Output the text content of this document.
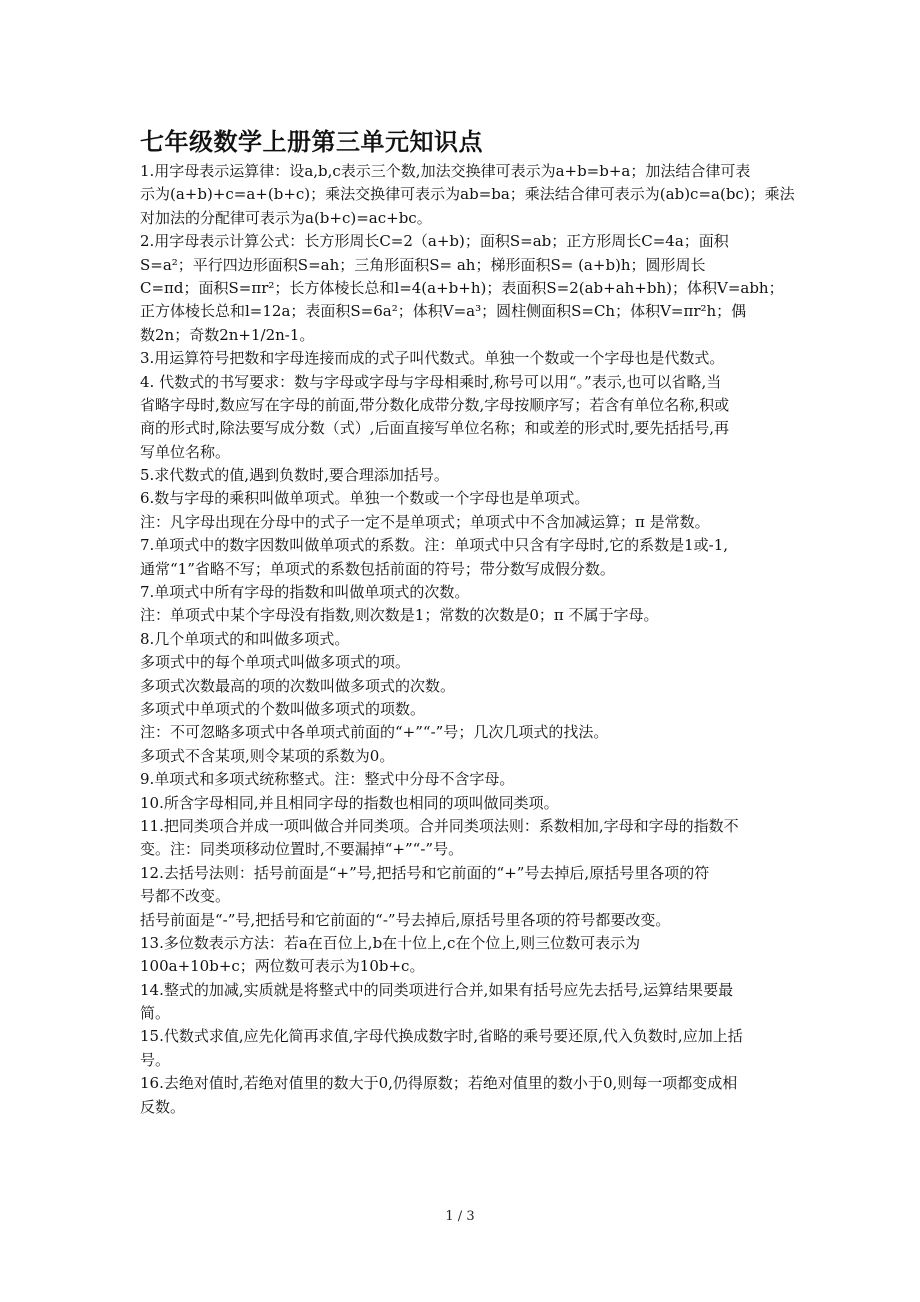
七年级数学上册第三单元知识点
1.用字母表示运算律：设a,b,c表示三个数,加法交换律可表示为a+b=b+a；加法结合律可表
示为(a+b)+c=a+(b+c)；乘法交换律可表示为ab=ba；乘法结合律可表示为(ab)c=a(bc)；乘法
对加法的分配律可表示为a(b+c)=ac+bc。
2.用字母表示计算公式：长方形周长C=2（a+b)；面积S=ab；正方形周长C=4a；面积
S=a²；平行四边形面积S=ah；三角形面积S= ah；梯形面积S= (a+b)h；圆形周长
C=πd；面积S=πr²；长方体棱长总和l=4(a+b+h)；表面积S=2(ab+ah+bh)；体积V=abh；
正方体棱长总和l=12a；表面积S=6a²；体积V=a³；圆柱侧面积S=Ch；体积V=πr²h；偶
数2n；奇数2n+1/2n-1。
3.用运算符号把数和字母连接而成的式子叫代数式。单独一个数或一个字母也是代数式。
4. 代数式的书写要求：数与字母或字母与字母相乘时,称号可以用“。”表示,也可以省略,当
省略字母时,数应写在字母的前面,带分数化成带分数,字母按顺序写；若含有单位名称,积或
商的形式时,除法要写成分数（式）,后面直接写单位名称；和或差的形式时,要先括括号,再
写单位名称。
5.求代数式的值,遇到负数时,要合理添加括号。
6.数与字母的乘积叫做单项式。单独一个数或一个字母也是单项式。
注：凡字母出现在分母中的式子一定不是单项式；单项式中不含加减运算；π 是常数。
7.单项式中的数字因数叫做单项式的系数。注：单项式中只含有字母时,它的系数是1或-1,
通常“1”省略不写；单项式的系数包括前面的符号；带分数写成假分数。
7.单项式中所有字母的指数和叫做单项式的次数。
注：单项式中某个字母没有指数,则次数是1；常数的次数是0；π 不属于字母。
8.几个单项式的和叫做多项式。
多项式中的每个单项式叫做多项式的项。
多项式次数最高的项的次数叫做多项式的次数。
多项式中单项式的个数叫做多项式的项数。
注：不可忽略多项式中各单项式前面的“+”“-”号；几次几项式的找法。
多项式不含某项,则令某项的系数为0。
9.单项式和多项式统称整式。注：整式中分母不含字母。
10.所含字母相同,并且相同字母的指数也相同的项叫做同类项。
11.把同类项合并成一项叫做合并同类项。合并同类项法则：系数相加,字母和字母的指数不
变。注：同类项移动位置时,不要漏掉“+”“-”号。
12.去括号法则：括号前面是“+”号,把括号和它前面的“+”号去掉后,原括号里各项的符
号都不改变。
括号前面是“-”号,把括号和它前面的“-”号去掉后,原括号里各项的符号都要改变。
13.多位数表示方法：若a在百位上,b在十位上,c在个位上,则三位数可表示为
100a+10b+c；两位数可表示为10b+c。
14.整式的加减,实质就是将整式中的同类项进行合并,如果有括号应先去括号,运算结果要最
简。
15.代数式求值,应先化简再求值,字母代换成数字时,省略的乘号要还原,代入负数时,应加上括
号。
16.去绝对值时,若绝对值里的数大于0,仍得原数；若绝对值里的数小于0,则每一项都变成相
反数。
1 / 3
